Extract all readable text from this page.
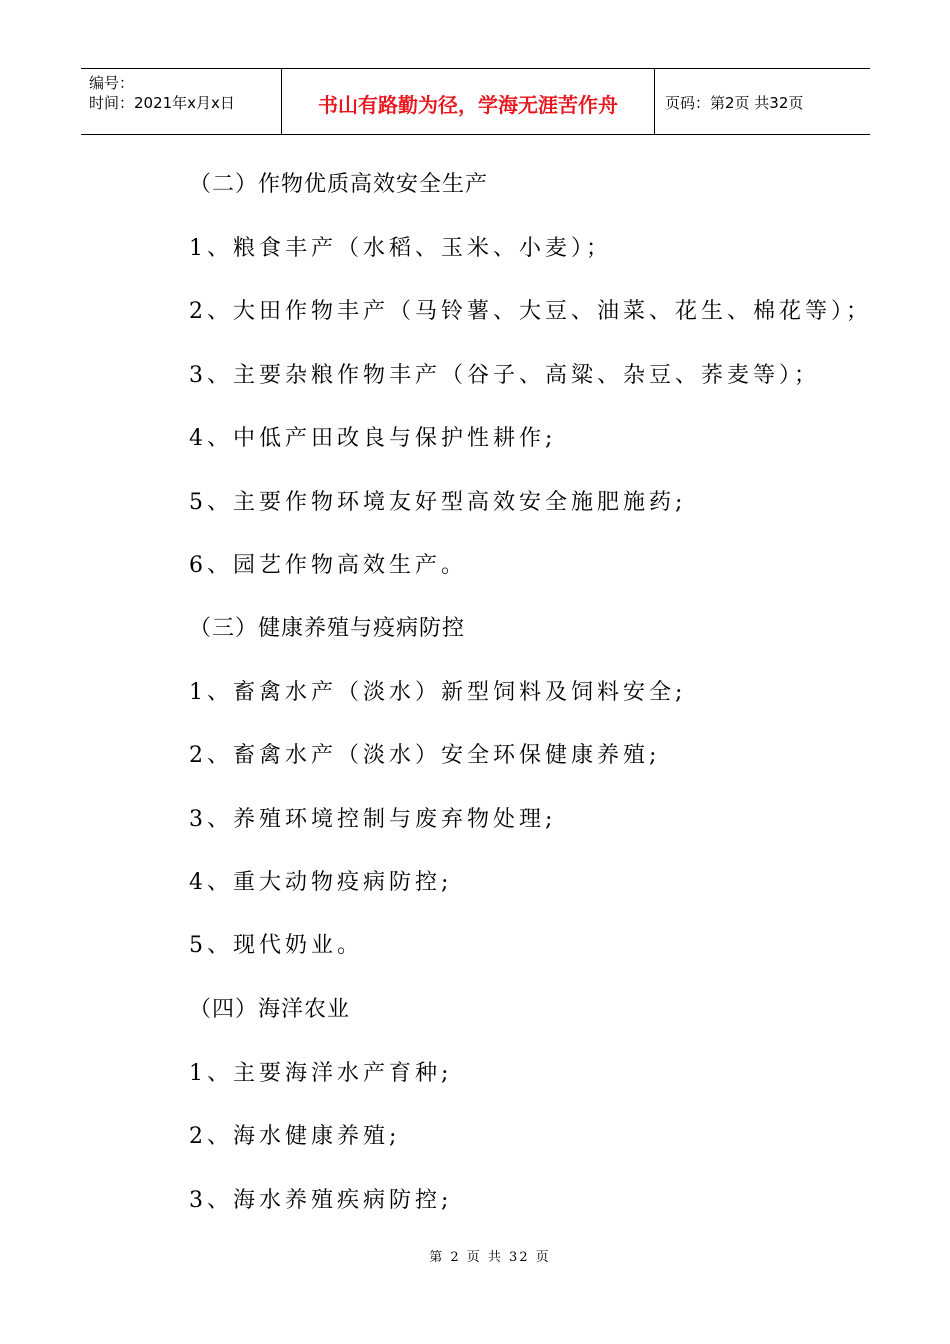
编号：
时间：2021年x月x日	书山有路勤为径，学海无涯苦作舟	页码：第2页 共32页
（二）作物优质高效安全生产
1、粮食丰产（水稻、玉米、小麦）；
2、大田作物丰产（马铃薯、大豆、油菜、花生、棉花等）；
3、主要杂粮作物丰产（谷子、高粱、杂豆、荞麦等）；
4、中低产田改良与保护性耕作;
5、主要作物环境友好型高效安全施肥施药;
6、园艺作物高效生产。
（三）健康养殖与疫病防控
1、畜禽水产（淡水）新型饲料及饲料安全;
2、畜禽水产（淡水）安全环保健康养殖;
3、养殖环境控制与废弃物处理;
4、重大动物疫病防控;
5、现代奶业。
（四）海洋农业
1、主要海洋水产育种;
2、海水健康养殖;
3、海水养殖疾病防控;
第 2 页 共 32 页
